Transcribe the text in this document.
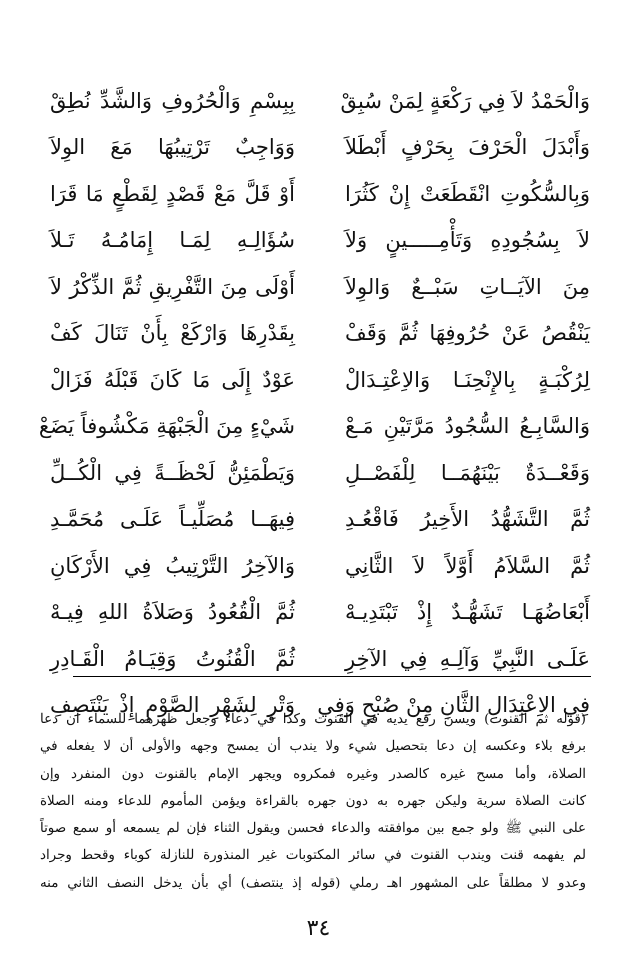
وَالْحَمْدُ لاَ فِي رَكْعَةٍ لِمَنْ سُبِقْ
بِبِسْمِ وَالْحُرُوفِ وَالشَّدِّ نُطِقْ
وَأَبْدَلَ الْحَرْفَ بِحَرْفٍ أَبْطَلاَ
وَوَاجِبٌ تَرْتِيبُهَا مَعَ الوِلاَ
وَبِالسُّكُوتِ انْقَطَعَتْ إِنْ كَثُرَا
أَوْ قَلَّ مَعْ قَصْدٍ لِقَطْعٍ مَا قَرَا
لاَ بِسُجُودِهِ وَتَأْمِـــــينٍ وَلاَ
سُؤَالِـهِ لِمَـا إِمَامُـهُ تَـلاَ
مِنَ الآيَــاتِ سَبْــعٌ وَالوِلاَ
أَوْلَى مِنَ التَّفْرِيقِ ثُمَّ الذِّكْرُ لاَ
يَنْقُصُ عَنْ حُرُوفِهَا ثُمَّ وَقَفْ
بِقَدْرِهَا وَارْكَعْ بِأَنْ تَنَالَ كَفْ
لِرُكْبَـةٍ بِالإِنْحِنَـا وَالاِعْتِـدَالْ
عَوْدٌ إِلَى مَا كَانَ قَبْلَهُ فَزَالْ
وَالسَّابِـعُ السُّجُودُ مَرَّتَيْنِ مَـعْ
شَيْءٍ مِنَ الْجَبْهَةِ مَكْشُوفاً يَضَعْ
وَقَعْــدَةٌ بَيْنَهُمَــا لِلْفَصْــلِ
وَيَطْمَئِنُّ لَحْظَــةً فِي الْكُــلِّ
ثُمَّ التَّشَهُّدُ الأَخِيرُ فَاقْعُـدِ
فِيهَــا مُصَلِّيـاً عَلَـى مُحَمَّـدِ
ثُمَّ السَّلاَمُ أَوَّلاً لاَ الثَّانِي
وَالآخِرُ التَّرْتِيبُ فِي الأَرْكَانِ
أَبْعَاضُهَـا تَشَهُّـدٌ إِذْ تَبْتَدِيـهْ
ثُمَّ الْقُعُودُ وَصَلاَةُ اللهِ فِيـهْ
عَلَـى النَّبِيِّ وَآلِـهِ فِي الآخِرِ
ثُمَّ الْقُنُوتُ وَقِيَـامُ الْقَـادِرِ
فِي الاِعْتِدَالِ الثَّانِ مِنْ صُبْحٍ وَفِي
وَتْرِ لِشَهْرِ الصَّوْمِ إِذْ يَنْتَصِفِ
(قوله ثم القنوت) ويسن رفع يديه في القنوت وكذا في دعاء وجعل ظهرهما للسماء ان دعا
برفع بلاء وعكسه إن دعا بتحصيل شيء ولا يندب أن يمسح وجهه والأولى أن لا يفعله في
الصلاة، وأما مسح غيره كالصدر وغيره فمكروه ويجهر الإمام بالقنوت دون المنفرد وإن
كانت الصلاة سرية وليكن جهره به دون جهره بالقراءة ويؤمن المأموم للدعاء ومنه الصلاة
على النبي ﷺ ولو جمع بين موافقته والدعاء فحسن ويقول الثناء فإن لم يسمعه أو سمع صوتاً
لم يفهمه قنت ويندب القنوت في سائر المكتوبات غير المنذورة للنازلة كوباء وقحط وجراد
وعدو لا مطلقاً على المشهور اهـ رملي (قوله إذ ينتصف) أي بأن يدخل النصف الثاني منه
٣٤
